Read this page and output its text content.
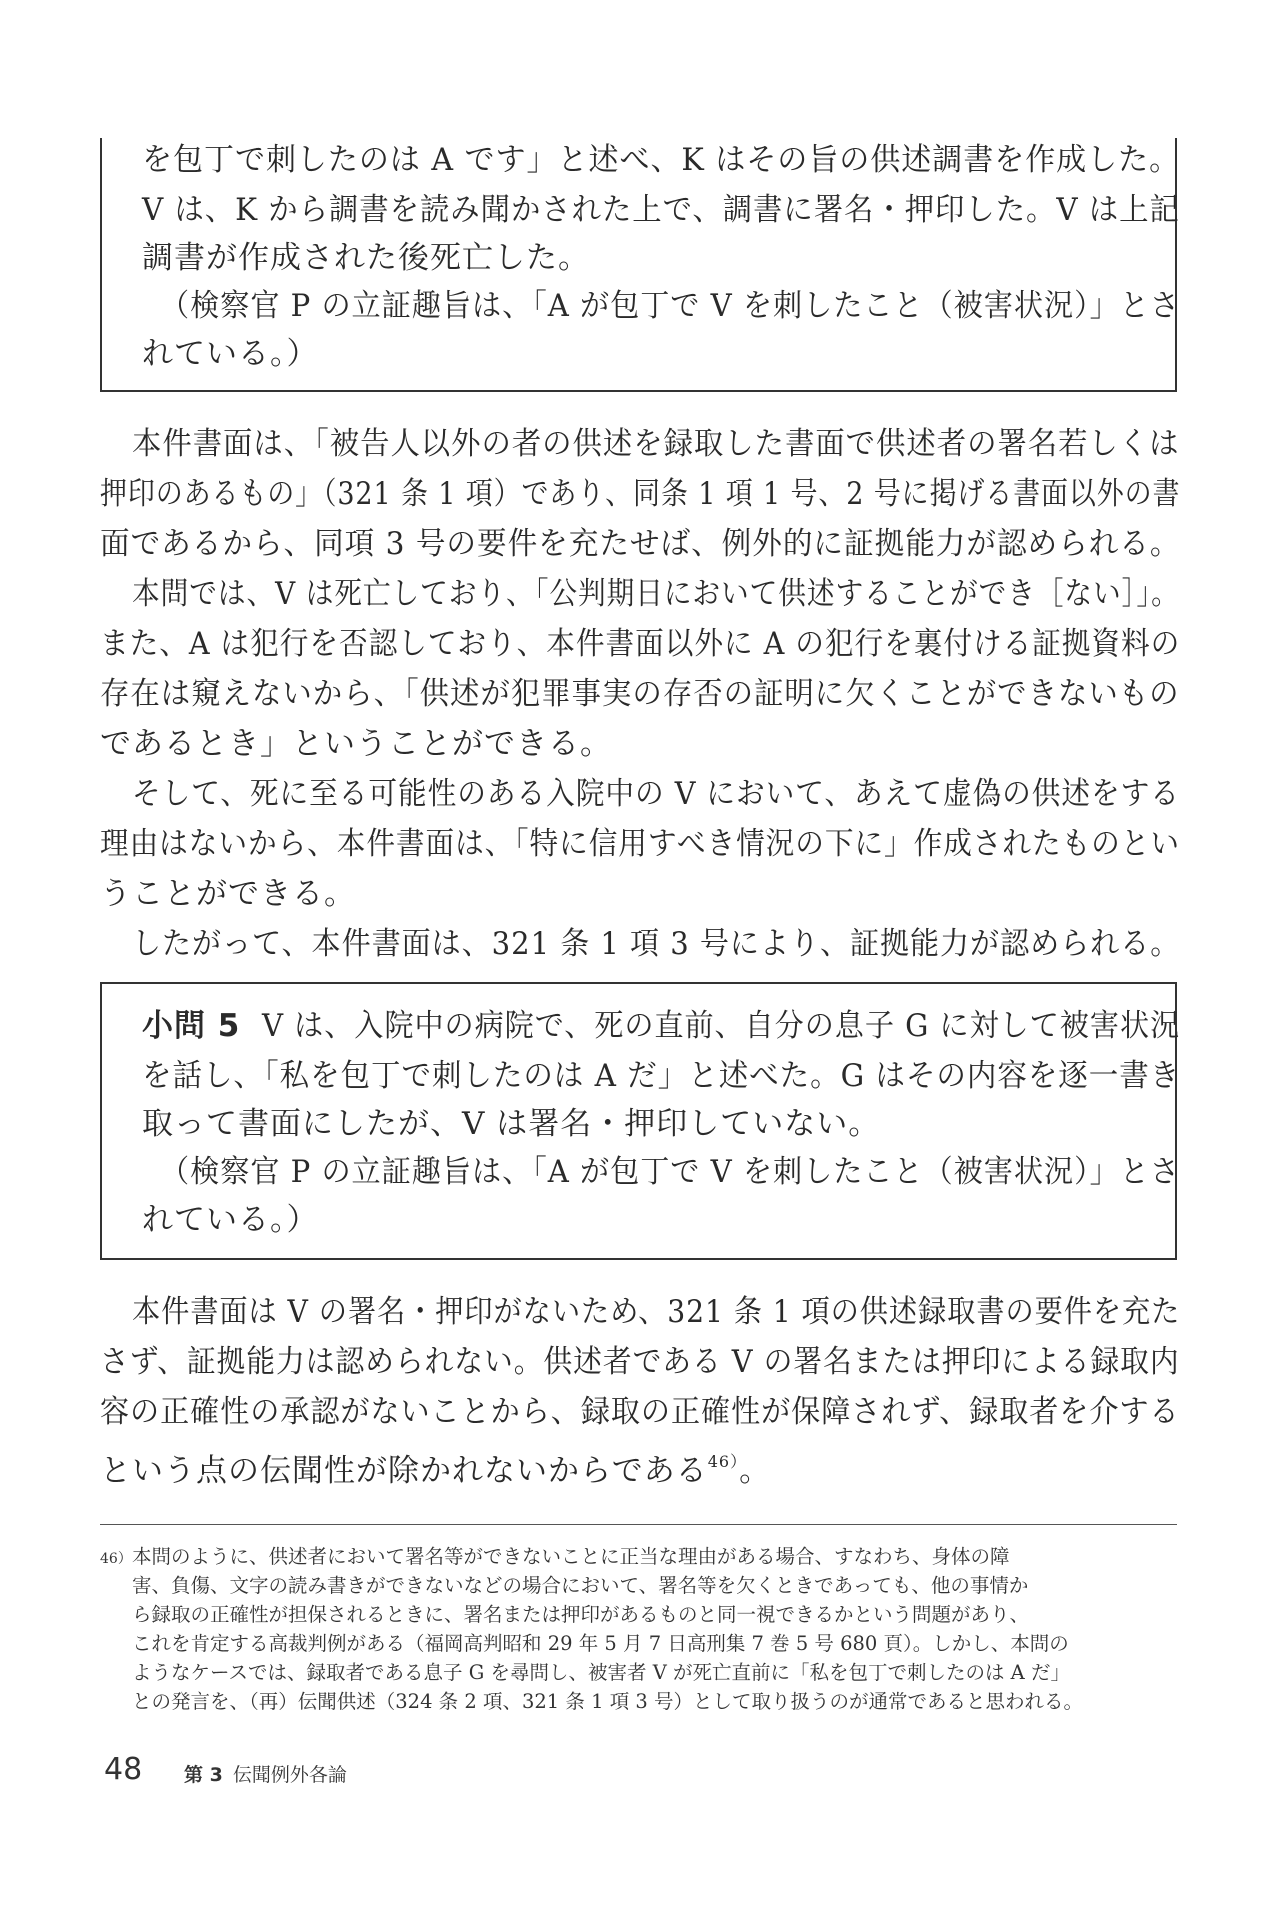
を包丁で刺したのは A です」と述べ、K はその旨の供述調書を作成した。
V は、K から調書を読み聞かされた上で、調書に署名・押印した。V は上記
調書が作成された後死亡した。
（検察官 P の立証趣旨は、「A が包丁で V を刺したこと（被害状況）」とさ
れている。）
本件書面は、「被告人以外の者の供述を録取した書面で供述者の署名若しくは
押印のあるもの」（321 条 1 項）であり、同条 1 項 1 号、2 号に掲げる書面以外の書
面であるから、同項 3 号の要件を充たせば、例外的に証拠能力が認められる。
本問では、V は死亡しており、「公判期日において供述することができ［ない］」。
また、A は犯行を否認しており、本件書面以外に A の犯行を裏付ける証拠資料の
存在は窺えないから、「供述が犯罪事実の存否の証明に欠くことができないもの
であるとき」ということができる。
そして、死に至る可能性のある入院中の V において、あえて虚偽の供述をする
理由はないから、本件書面は、「特に信用すべき情況の下に」作成されたものとい
うことができる。
したがって、本件書面は、321 条 1 項 3 号により、証拠能力が認められる。
小問 5 V は、入院中の病院で、死の直前、自分の息子 G に対して被害状況
を話し、「私を包丁で刺したのは A だ」と述べた。G はその内容を逐一書き
取って書面にしたが、V は署名・押印していない。
（検察官 P の立証趣旨は、「A が包丁で V を刺したこと（被害状況）」とさ
れている。）
本件書面は V の署名・押印がないため、321 条 1 項の供述録取書の要件を充た
さず、証拠能力は認められない。供述者である V の署名または押印による録取内
容の正確性の承認がないことから、録取の正確性が保障されず、録取者を介する
という点の伝聞性が除かれないからである$^{46)}$。
46） 本問のように、供述者において署名等ができないことに正当な理由がある場合、すなわち、身体の障
害、負傷、文字の読み書きができないなどの場合において、署名等を欠くときであっても、他の事情か
ら録取の正確性が担保されるときに、署名または押印があるものと同一視できるかという問題があり、
これを肯定する高裁判例がある（福岡高判昭和 29 年 5 月 7 日高刑集 7 巻 5 号 680 頁）。しかし、本問の
ようなケースでは、録取者である息子 G を尋問し、被害者 V が死亡直前に「私を包丁で刺したのは A だ」
との発言を、（再）伝聞供述（324 条 2 項、321 条 1 項 3 号）として取り扱うのが通常であると思われる。
48 第 3 伝聞例外各論
